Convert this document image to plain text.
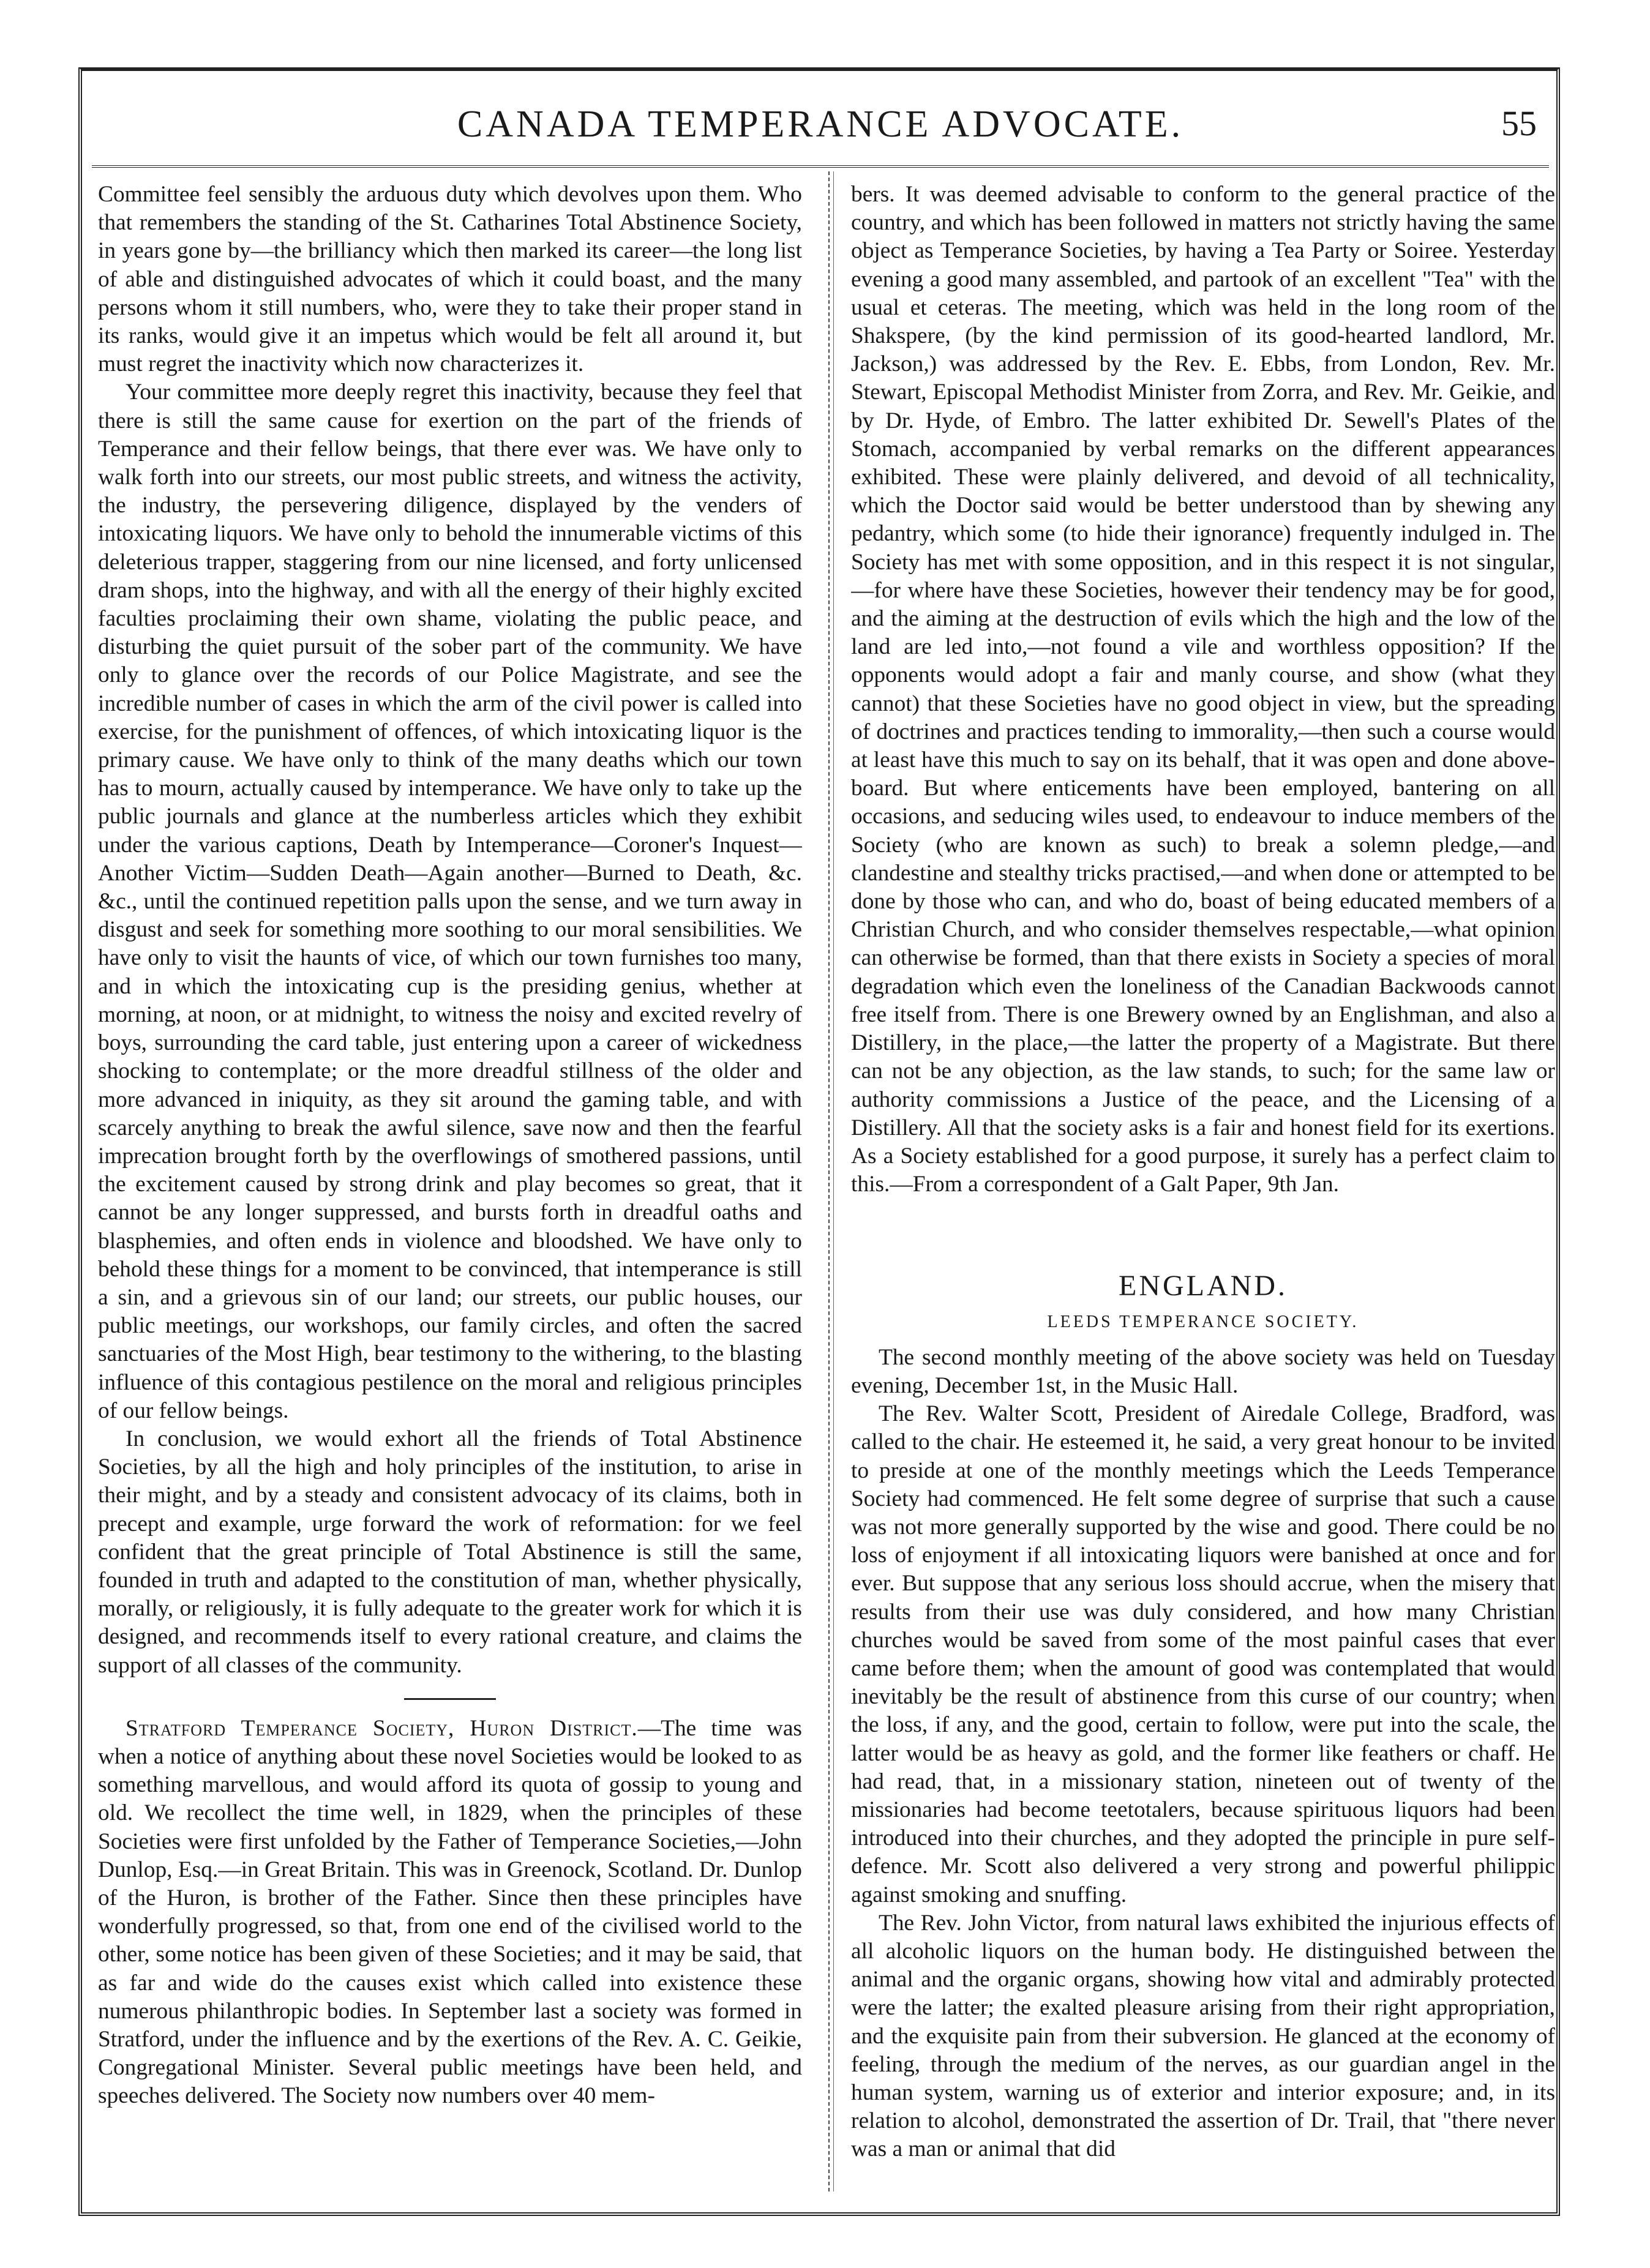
CANADA TEMPERANCE ADVOCATE.	55

Committee feel sensibly the arduous duty which devolves upon them. Who that remembers the standing of the St. Catharines Total Abstinence Society, in years gone by—the brilliancy which then marked its career—the long list of able and distinguished advocates of which it could boast, and the many persons whom it still numbers, who, were they to take their proper stand in its ranks, would give it an impetus which would be felt all around it, but must regret the inactivity which now characterizes it.

Your committee more deeply regret this inactivity, because they feel that there is still the same cause for exertion on the part of the friends of Temperance and their fellow beings, that there ever was. We have only to walk forth into our streets, our most public streets, and witness the activity, the industry, the persevering diligence, displayed by the venders of intoxicating liquors. We have only to behold the innumerable victims of this deleterious trapper, staggering from our nine licensed, and forty unlicensed dram shops, into the highway, and with all the energy of their highly excited faculties proclaiming their own shame, violating the public peace, and disturbing the quiet pursuit of the sober part of the community. We have only to glance over the records of our Police Magistrate, and see the incredible number of cases in which the arm of the civil power is called into exercise, for the punishment of offences, of which intoxicating liquor is the primary cause. We have only to think of the many deaths which our town has to mourn, actually caused by intemperance. We have only to take up the public journals and glance at the numberless articles which they exhibit under the various captions, Death by Intemperance—Coroner's Inquest—Another Victim—Sudden Death—Again another—Burned to Death, &c. &c., until the continued repetition palls upon the sense, and we turn away in disgust and seek for something more soothing to our moral sensibilities. We have only to visit the haunts of vice, of which our town furnishes too many, and in which the intoxicating cup is the presiding genius, whether at morning, at noon, or at midnight, to witness the noisy and excited revelry of boys, surrounding the card table, just entering upon a career of wickedness shocking to contemplate; or the more dreadful stillness of the older and more advanced in iniquity, as they sit around the gaming table, and with scarcely anything to break the awful silence, save now and then the fearful imprecation brought forth by the overflowings of smothered passions, until the excitement caused by strong drink and play becomes so great, that it cannot be any longer suppressed, and bursts forth in dreadful oaths and blasphemies, and often ends in violence and bloodshed. We have only to behold these things for a moment to be convinced, that intemperance is still a sin, and a grievous sin of our land; our streets, our public houses, our public meetings, our workshops, our family circles, and often the sacred sanctuaries of the Most High, bear testimony to the withering, to the blasting influence of this contagious pestilence on the moral and religious principles of our fellow beings.

In conclusion, we would exhort all the friends of Total Abstinence Societies, by all the high and holy principles of the institution, to arise in their might, and by a steady and consistent advocacy of its claims, both in precept and example, urge forward the work of reformation: for we feel confident that the great principle of Total Abstinence is still the same, founded in truth and adapted to the constitution of man, whether physically, morally, or religiously, it is fully adequate to the greater work for which it is designed, and recommends itself to every rational creature, and claims the support of all classes of the community.

Stratford Temperance Society, Huron District.—The time was when a notice of anything about these novel Societies would be looked to as something marvellous, and would afford its quota of gossip to young and old. We recollect the time well, in 1829, when the principles of these Societies were first unfolded by the Father of Temperance Societies,—John Dunlop, Esq.—in Great Britain. This was in Greenock, Scotland. Dr. Dunlop of the Huron, is brother of the Father. Since then these principles have wonderfully progressed, so that, from one end of the civilised world to the other, some notice has been given of these Societies; and it may be said, that as far and wide do the causes exist which called into existence these numerous philanthropic bodies. In September last a society was formed in Stratford, under the influence and by the exertions of the Rev. A. C. Geikie, Congregational Minister. Several public meetings have been held, and speeches delivered. The Society now numbers over 40 mem-

bers. It was deemed advisable to conform to the general practice of the country, and which has been followed in matters not strictly having the same object as Temperance Societies, by having a Tea Party or Soiree. Yesterday evening a good many assembled, and partook of an excellent "Tea" with the usual et ceteras. The meeting, which was held in the long room of the Shakspere, (by the kind permission of its good-hearted landlord, Mr. Jackson,) was addressed by the Rev. E. Ebbs, from London, Rev. Mr. Stewart, Episcopal Methodist Minister from Zorra, and Rev. Mr. Geikie, and by Dr. Hyde, of Embro. The latter exhibited Dr. Sewell's Plates of the Stomach, accompanied by verbal remarks on the different appearances exhibited. These were plainly delivered, and devoid of all technicality, which the Doctor said would be better understood than by shewing any pedantry, which some (to hide their ignorance) frequently indulged in. The Society has met with some opposition, and in this respect it is not singular,—for where have these Societies, however their tendency may be for good, and the aiming at the destruction of evils which the high and the low of the land are led into,—not found a vile and worthless opposition? If the opponents would adopt a fair and manly course, and show (what they cannot) that these Societies have no good object in view, but the spreading of doctrines and practices tending to immorality,—then such a course would at least have this much to say on its behalf, that it was open and done above-board. But where enticements have been employed, bantering on all occasions, and seducing wiles used, to endeavour to induce members of the Society (who are known as such) to break a solemn pledge,—and clandestine and stealthy tricks practised,—and when done or attempted to be done by those who can, and who do, boast of being educated members of a Christian Church, and who consider themselves respectable,—what opinion can otherwise be formed, than that there exists in Society a species of moral degradation which even the loneliness of the Canadian Backwoods cannot free itself from. There is one Brewery owned by an Englishman, and also a Distillery, in the place,—the latter the property of a Magistrate. But there can not be any objection, as the law stands, to such; for the same law or authority commissions a Justice of the peace, and the Licensing of a Distillery. All that the society asks is a fair and honest field for its exertions. As a Society established for a good purpose, it surely has a perfect claim to this.—From a correspondent of a Galt Paper, 9th Jan.

ENGLAND.
LEEDS TEMPERANCE SOCIETY.

The second monthly meeting of the above society was held on Tuesday evening, December 1st, in the Music Hall.

The Rev. Walter Scott, President of Airedale College, Bradford, was called to the chair. He esteemed it, he said, a very great honour to be invited to preside at one of the monthly meetings which the Leeds Temperance Society had commenced. He felt some degree of surprise that such a cause was not more generally supported by the wise and good. There could be no loss of enjoyment if all intoxicating liquors were banished at once and for ever. But suppose that any serious loss should accrue, when the misery that results from their use was duly considered, and how many Christian churches would be saved from some of the most painful cases that ever came before them; when the amount of good was contemplated that would inevitably be the result of abstinence from this curse of our country; when the loss, if any, and the good, certain to follow, were put into the scale, the latter would be as heavy as gold, and the former like feathers or chaff. He had read, that, in a missionary station, nineteen out of twenty of the missionaries had become teetotalers, because spirituous liquors had been introduced into their churches, and they adopted the principle in pure self-defence. Mr. Scott also delivered a very strong and powerful philippic against smoking and snuffing.

The Rev. John Victor, from natural laws exhibited the injurious effects of all alcoholic liquors on the human body. He distinguished between the animal and the organic organs, showing how vital and admirably protected were the latter; the exalted pleasure arising from their right appropriation, and the exquisite pain from their subversion. He glanced at the economy of feeling, through the medium of the nerves, as our guardian angel in the human system, warning us of exterior and interior exposure; and, in its relation to alcohol, demonstrated the assertion of Dr. Trail, that "there never was a man or animal that did
